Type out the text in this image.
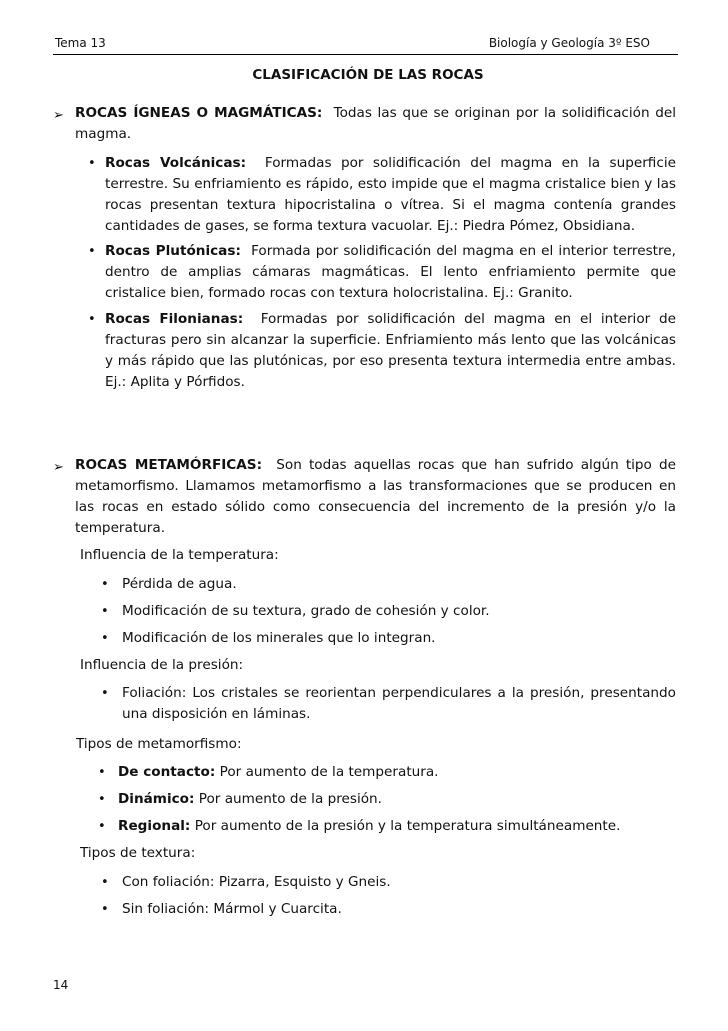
Tema 13	Biología y Geología 3º ESO
CLASIFICACIÓN DE LAS ROCAS
➢ ROCAS ÍGNEAS O MAGMÁTICAS: Todas las que se originan por la solidificación del magma.
• Rocas Volcánicas: Formadas por solidificación del magma en la superficie terrestre. Su enfriamiento es rápido, esto impide que el magma cristalice bien y las rocas presentan textura hipocristalina o vítrea. Si el magma contenía grandes cantidades de gases, se forma textura vacuolar. Ej.: Piedra Pómez, Obsidiana.
• Rocas Plutónicas: Formada por solidificación del magma en el interior terrestre, dentro de amplias cámaras magmáticas. El lento enfriamiento permite que cristalice bien, formado rocas con textura holocristalina. Ej.: Granito.
• Rocas Filonianas: Formadas por solidificación del magma en el interior de fracturas pero sin alcanzar la superficie. Enfriamiento más lento que las volcánicas y más rápido que las plutónicas, por eso presenta textura intermedia entre ambas. Ej.: Aplita y Pórfidos.
➢ ROCAS METAMÓRFICAS: Son todas aquellas rocas que han sufrido algún tipo de metamorfismo. Llamamos metamorfismo a las transformaciones que se producen en las rocas en estado sólido como consecuencia del incremento de la presión y/o la temperatura.
Influencia de la temperatura:
• Pérdida de agua.
• Modificación de su textura, grado de cohesión y color.
• Modificación de los minerales que lo integran.
Influencia de la presión:
• Foliación: Los cristales se reorientan perpendiculares a la presión, presentando una disposición en láminas.
Tipos de metamorfismo:
• De contacto: Por aumento de la temperatura.
• Dinámico: Por aumento de la presión.
• Regional: Por aumento de la presión y la temperatura simultáneamente.
Tipos de textura:
• Con foliación: Pizarra, Esquisto y Gneis.
• Sin foliación: Mármol y Cuarcita.
14
